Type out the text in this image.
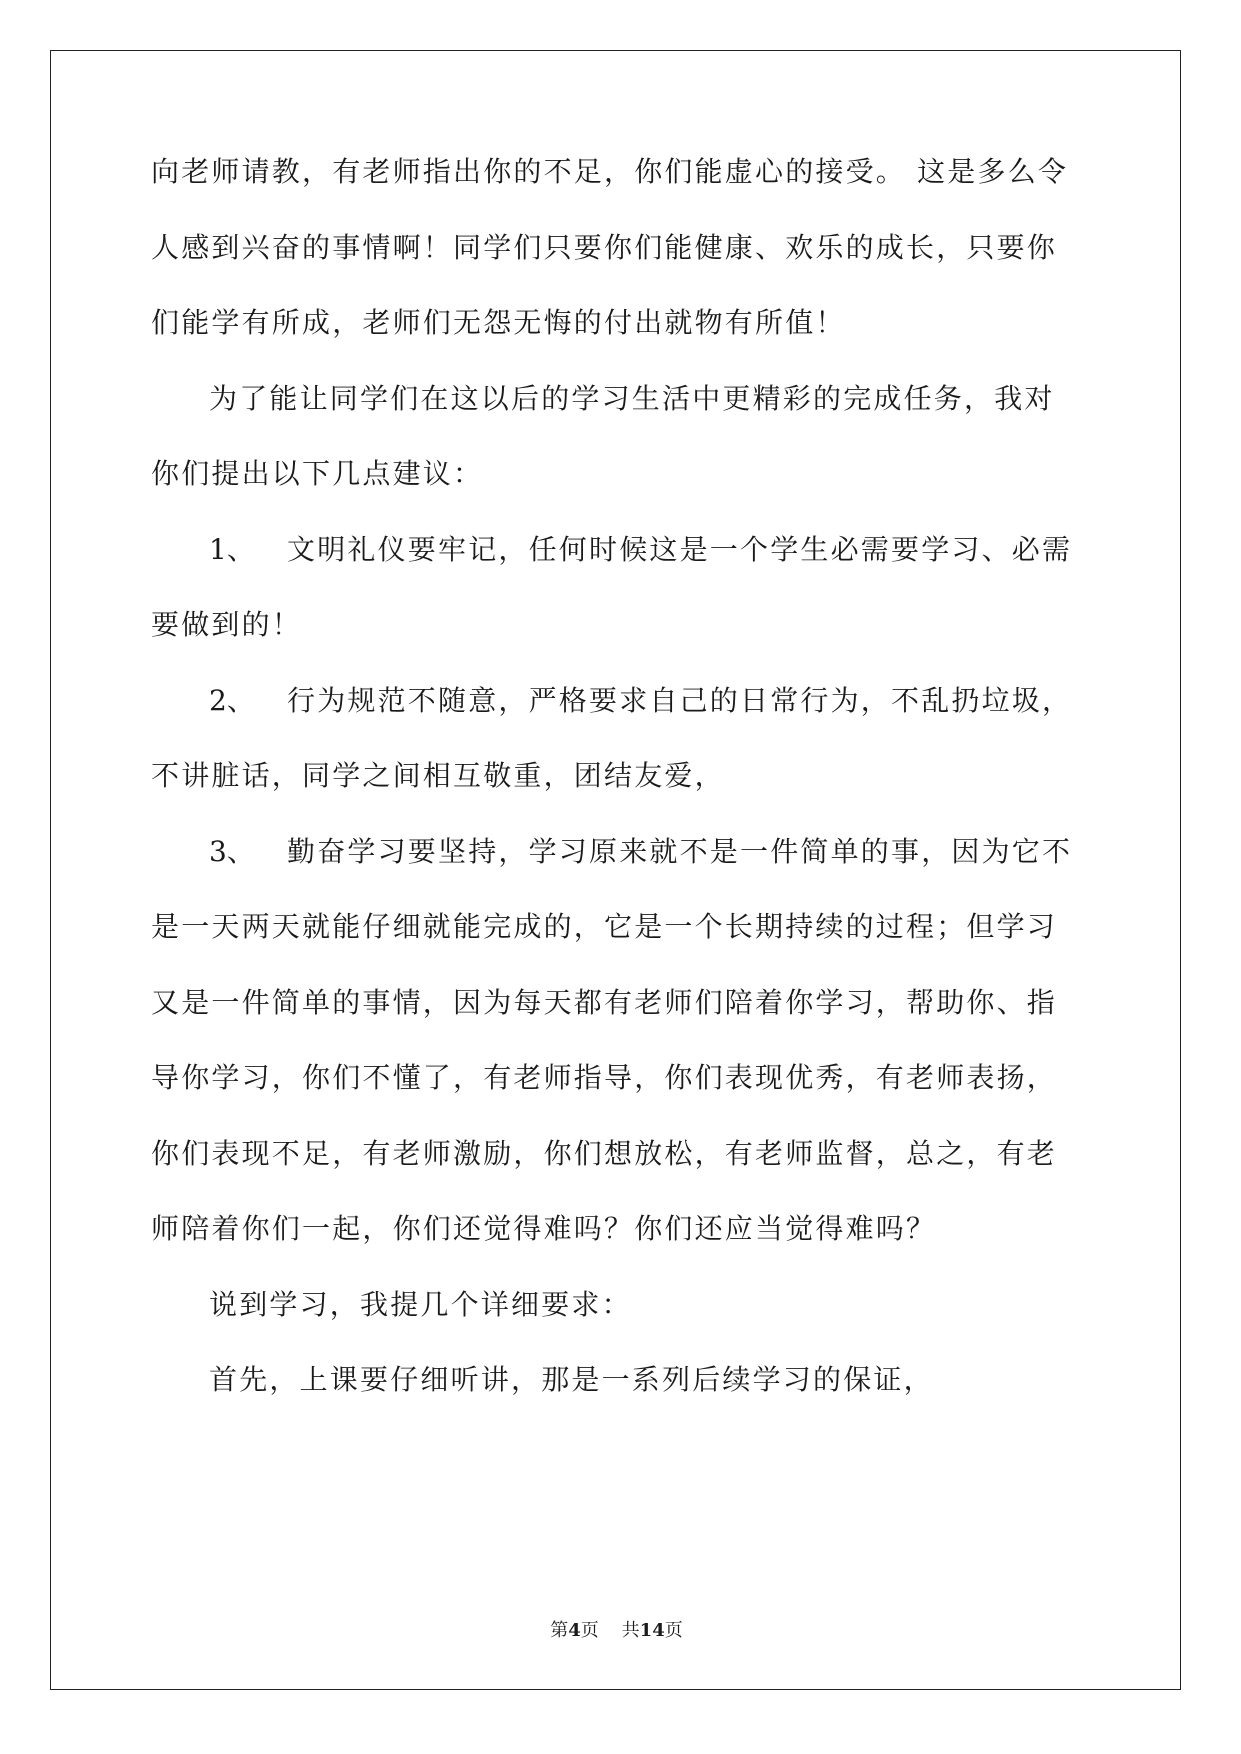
向老师请教，有老师指出你的不足，你们能虚心的接受。 这是多么令
人感到兴奋的事情啊！同学们只要你们能健康、欢乐的成长，只要你
们能学有所成，老师们无怨无悔的付出就物有所值！
为了能让同学们在这以后的学习生活中更精彩的完成任务，我对
你们提出以下几点建议：
1、 文明礼仪要牢记，任何时候这是一个学生必需要学习、必需
要做到的！
2、 行为规范不随意，严格要求自己的日常行为，不乱扔垃圾，
不讲脏话，同学之间相互敬重，团结友爱，
3、 勤奋学习要坚持，学习原来就不是一件简单的事，因为它不
是一天两天就能仔细就能完成的，它是一个长期持续的过程；但学习
又是一件简单的事情，因为每天都有老师们陪着你学习，帮助你、指
导你学习，你们不懂了，有老师指导，你们表现优秀，有老师表扬，
你们表现不足，有老师激励，你们想放松，有老师监督，总之，有老
师陪着你们一起，你们还觉得难吗？你们还应当觉得难吗？
说到学习，我提几个详细要求：
首先，上课要仔细听讲，那是一系列后续学习的保证，
第4页 共14页
